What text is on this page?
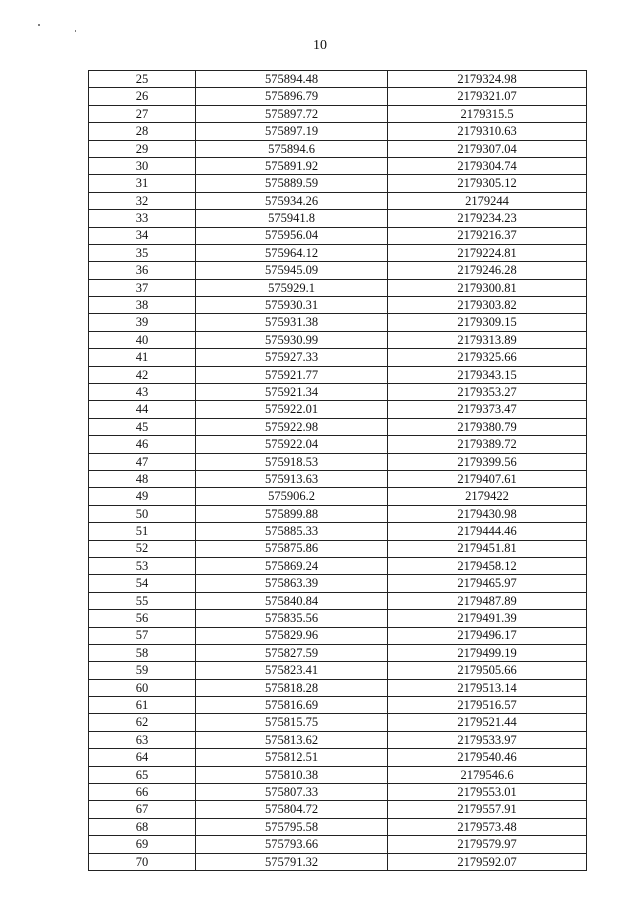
10
25	575894.48	2179324.98
26	575896.79	2179321.07
27	575897.72	2179315.5
28	575897.19	2179310.63
29	575894.6	2179307.04
30	575891.92	2179304.74
31	575889.59	2179305.12
32	575934.26	2179244
33	575941.8	2179234.23
34	575956.04	2179216.37
35	575964.12	2179224.81
36	575945.09	2179246.28
37	575929.1	2179300.81
38	575930.31	2179303.82
39	575931.38	2179309.15
40	575930.99	2179313.89
41	575927.33	2179325.66
42	575921.77	2179343.15
43	575921.34	2179353.27
44	575922.01	2179373.47
45	575922.98	2179380.79
46	575922.04	2179389.72
47	575918.53	2179399.56
48	575913.63	2179407.61
49	575906.2	2179422
50	575899.88	2179430.98
51	575885.33	2179444.46
52	575875.86	2179451.81
53	575869.24	2179458.12
54	575863.39	2179465.97
55	575840.84	2179487.89
56	575835.56	2179491.39
57	575829.96	2179496.17
58	575827.59	2179499.19
59	575823.41	2179505.66
60	575818.28	2179513.14
61	575816.69	2179516.57
62	575815.75	2179521.44
63	575813.62	2179533.97
64	575812.51	2179540.46
65	575810.38	2179546.6
66	575807.33	2179553.01
67	575804.72	2179557.91
68	575795.58	2179573.48
69	575793.66	2179579.97
70	575791.32	2179592.07
